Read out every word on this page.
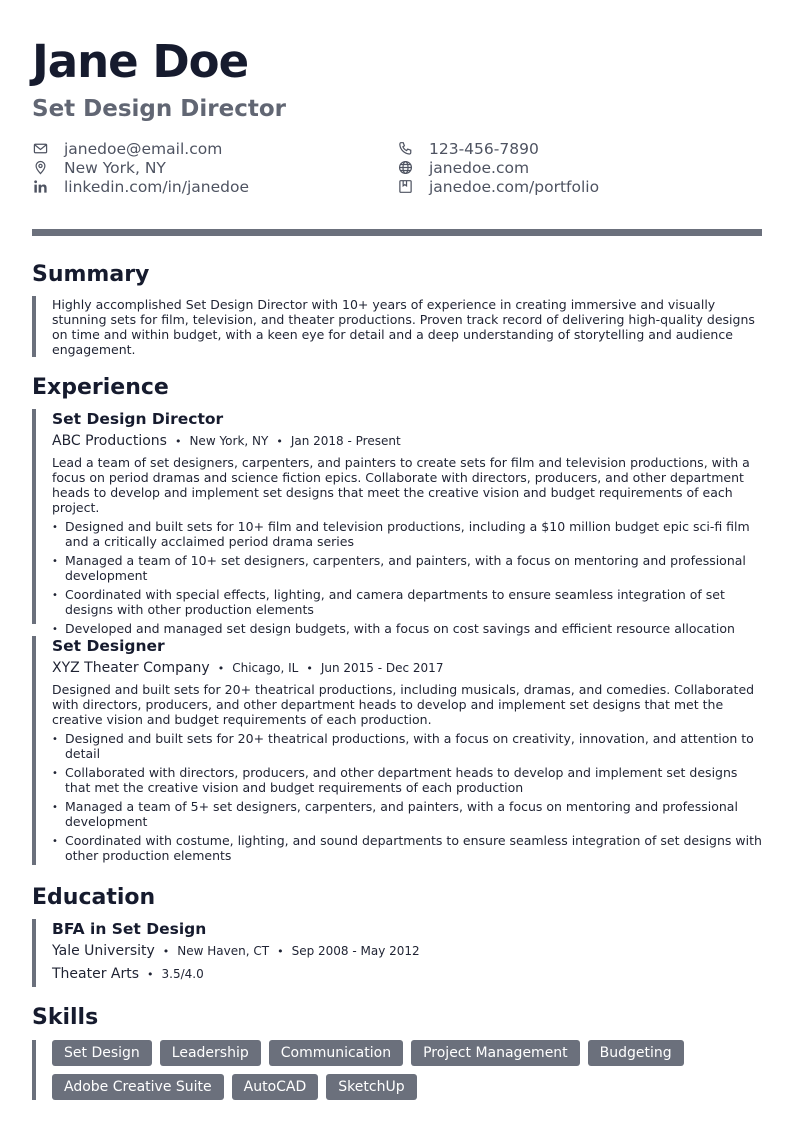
Jane Doe
Set Design Director
janedoe@email.com	123-456-7890
New York, NY	janedoe.com
linkedin.com/in/janedoe	janedoe.com/portfolio
Summary
Highly accomplished Set Design Director with 10+ years of experience in creating immersive and visually stunning sets for film, television, and theater productions. Proven track record of delivering high-quality designs on time and within budget, with a keen eye for detail and a deep understanding of storytelling and audience engagement.
Experience
Set Design Director
ABC Productions • New York, NY • Jan 2018 - Present
Lead a team of set designers, carpenters, and painters to create sets for film and television productions, with a focus on period dramas and science fiction epics. Collaborate with directors, producers, and other department heads to develop and implement set designs that meet the creative vision and budget requirements of each project.
• Designed and built sets for 10+ film and television productions, including a $10 million budget epic sci-fi film and a critically acclaimed period drama series
• Managed a team of 10+ set designers, carpenters, and painters, with a focus on mentoring and professional development
• Coordinated with special effects, lighting, and camera departments to ensure seamless integration of set designs with other production elements
• Developed and managed set design budgets, with a focus on cost savings and efficient resource allocation
Set Designer
XYZ Theater Company • Chicago, IL • Jun 2015 - Dec 2017
Designed and built sets for 20+ theatrical productions, including musicals, dramas, and comedies. Collaborated with directors, producers, and other department heads to develop and implement set designs that met the creative vision and budget requirements of each production.
• Designed and built sets for 20+ theatrical productions, with a focus on creativity, innovation, and attention to detail
• Collaborated with directors, producers, and other department heads to develop and implement set designs that met the creative vision and budget requirements of each production
• Managed a team of 5+ set designers, carpenters, and painters, with a focus on mentoring and professional development
• Coordinated with costume, lighting, and sound departments to ensure seamless integration of set designs with other production elements
Education
BFA in Set Design
Yale University • New Haven, CT • Sep 2008 - May 2012
Theater Arts • 3.5/4.0
Skills
Set Design	Leadership	Communication	Project Management	Budgeting
Adobe Creative Suite	AutoCAD	SketchUp
